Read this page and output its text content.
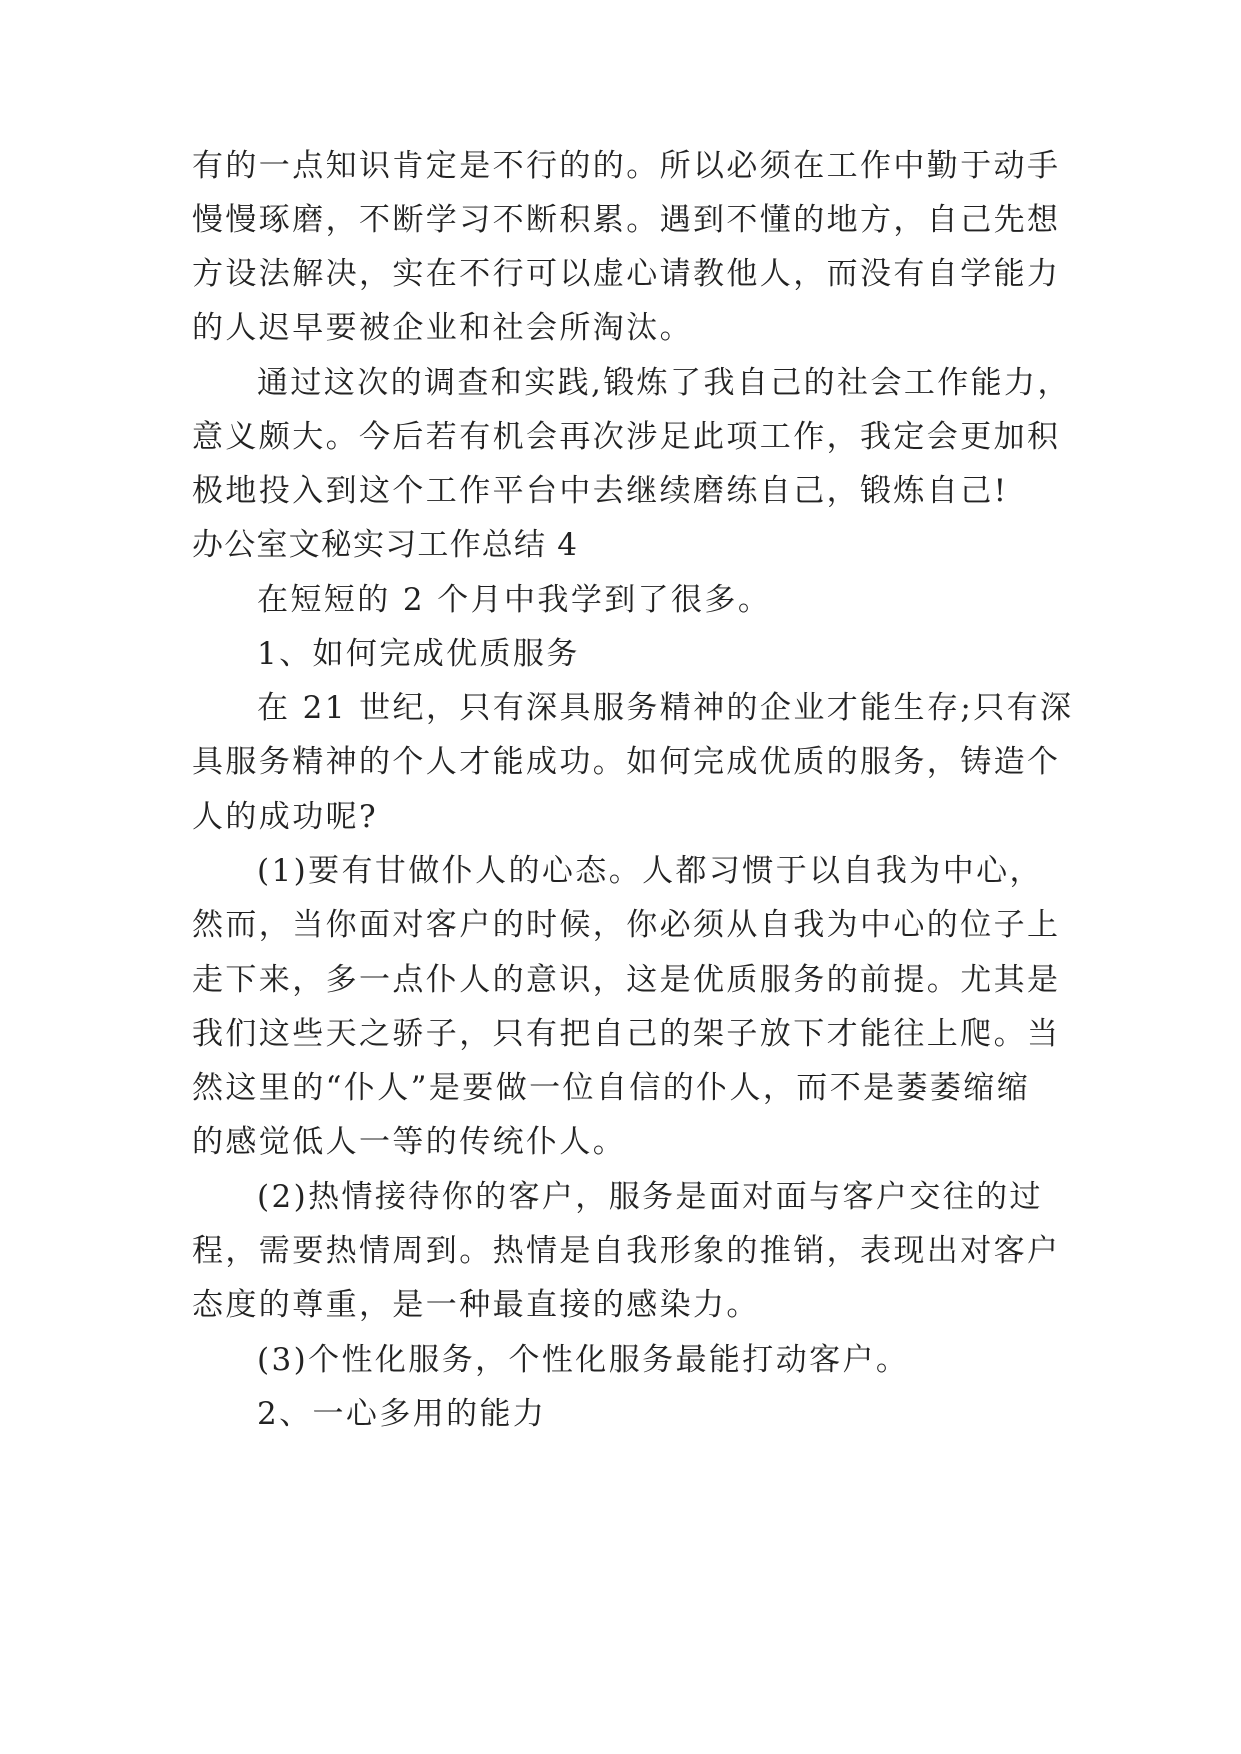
有的一点知识肯定是不行的的。所以必须在工作中勤于动手
慢慢琢磨，不断学习不断积累。遇到不懂的地方，自己先想
方设法解决，实在不行可以虚心请教他人，而没有自学能力
的人迟早要被企业和社会所淘汰。
通过这次的调查和实践,锻炼了我自己的社会工作能力，
意义颇大。今后若有机会再次涉足此项工作，我定会更加积
极地投入到这个工作平台中去继续磨练自己，锻炼自己!
办公室文秘实习工作总结 4
在短短的 2 个月中我学到了很多。
1、如何完成优质服务
在 21 世纪，只有深具服务精神的企业才能生存;只有深
具服务精神的个人才能成功。如何完成优质的服务，铸造个
人的成功呢?
(1)要有甘做仆人的心态。人都习惯于以自我为中心，
然而，当你面对客户的时候，你必须从自我为中心的位子上
走下来，多一点仆人的意识，这是优质服务的前提。尤其是
我们这些天之骄子，只有把自己的架子放下才能往上爬。当
然这里的“仆人”是要做一位自信的仆人，而不是萎萎缩缩
的感觉低人一等的传统仆人。
(2)热情接待你的客户，服务是面对面与客户交往的过
程，需要热情周到。热情是自我形象的推销，表现出对客户
态度的尊重，是一种最直接的感染力。
(3)个性化服务，个性化服务最能打动客户。
2、一心多用的能力
